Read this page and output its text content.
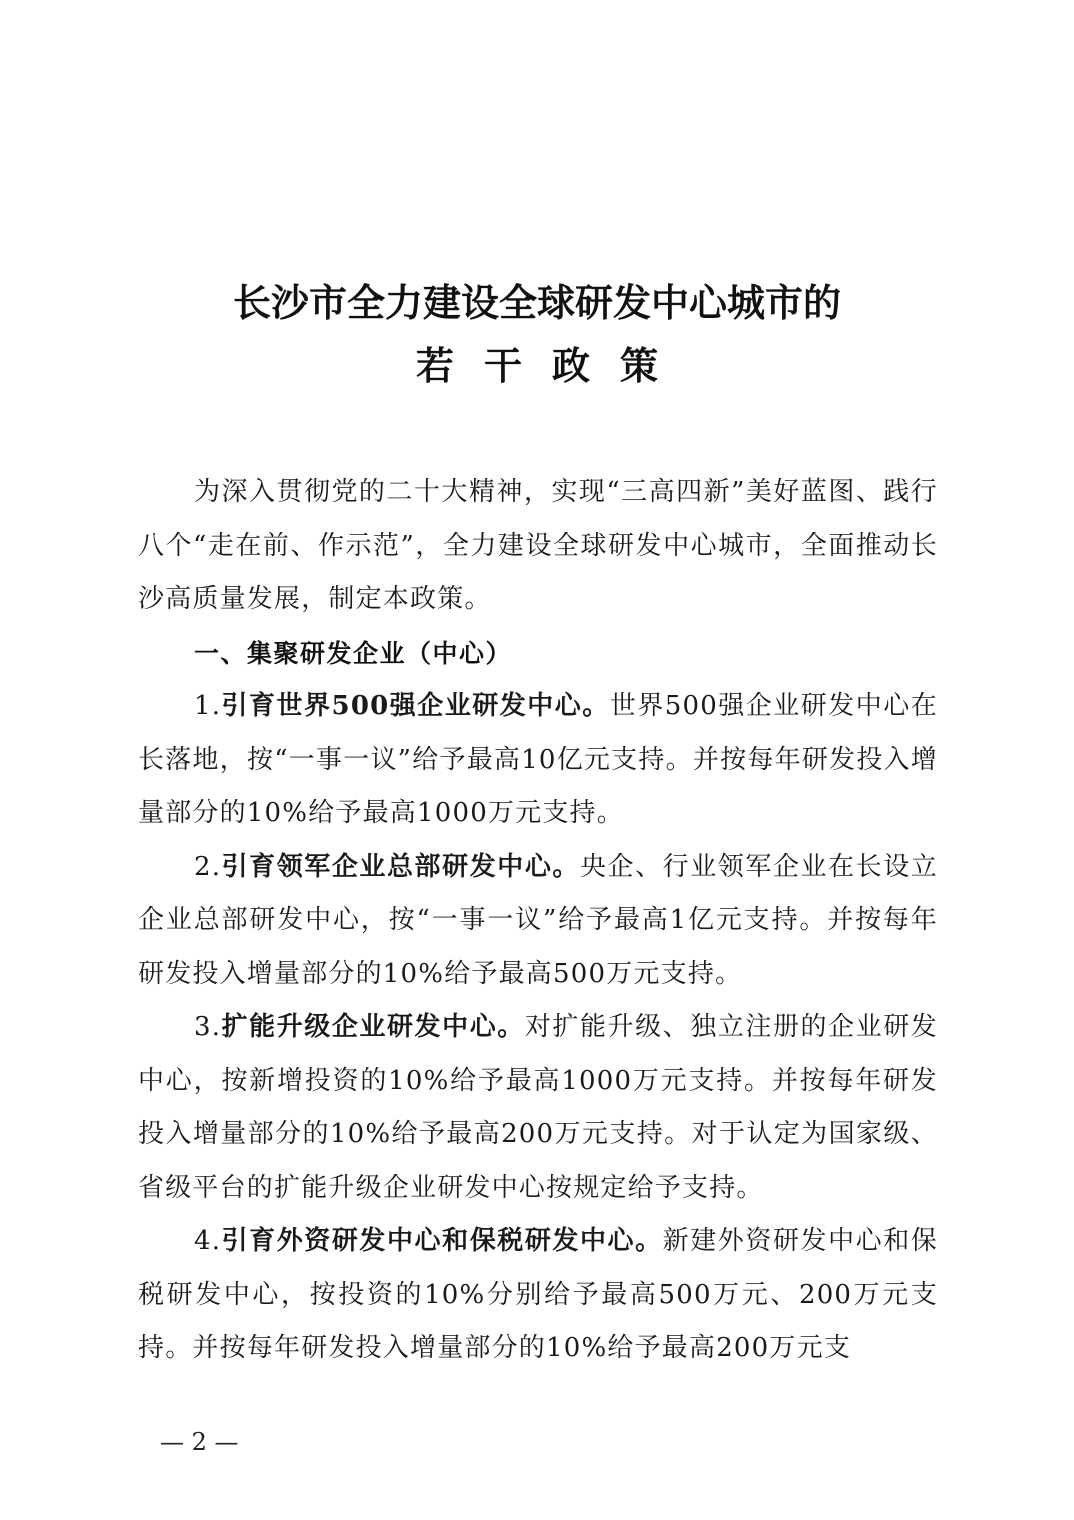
长沙市全力建设全球研发中心城市的
若干政策

为深入贯彻党的二十大精神，实现“三高四新”美好蓝图、践行八个“走在前、作示范”，全力建设全球研发中心城市，全面推动长沙高质量发展，制定本政策。

一、集聚研发企业（中心）

1.引育世界500强企业研发中心。世界500强企业研发中心在长落地，按“一事一议”给予最高10亿元支持。并按每年研发投入增量部分的10%给予最高1000万元支持。

2.引育领军企业总部研发中心。央企、行业领军企业在长设立企业总部研发中心，按“一事一议”给予最高1亿元支持。并按每年研发投入增量部分的10%给予最高500万元支持。

3.扩能升级企业研发中心。对扩能升级、独立注册的企业研发中心，按新增投资的10%给予最高1000万元支持。并按每年研发投入增量部分的10%给予最高200万元支持。对于认定为国家级、省级平台的扩能升级企业研发中心按规定给予支持。

4.引育外资研发中心和保税研发中心。新建外资研发中心和保税研发中心，按投资的10%分别给予最高500万元、200万元支持。并按每年研发投入增量部分的10%给予最高200万元支

— 2 —
